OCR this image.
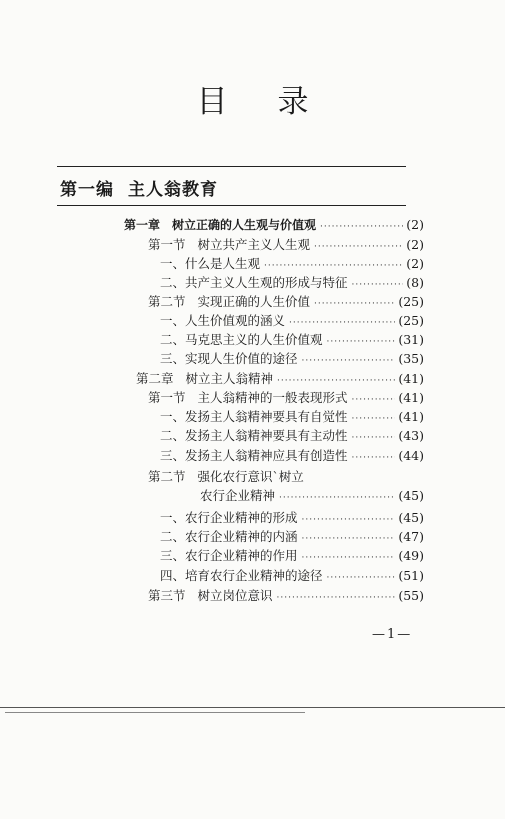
目 录
第一编 主人翁教育
第一章 树立正确的人生观与价值观 ·····	(2)
第一节 树立共产主义人生观 ·····	(2)
一、什么是人生观 ·····	(2)
二、共产主义人生观的形成与特征 ·····	(8)
第二节 实现正确的人生价值 ·····	(25)
一、人生价值观的涵义 ·····	(25)
二、马克思主义的人生价值观 ·····	(31)
三、实现人生价值的途径 ·····	(35)
第二章 树立主人翁精神 ·····	(41)
第一节 主人翁精神的一般表现形式 ·····	(41)
一、发扬主人翁精神要具有自觉性 ·····	(41)
二、发扬主人翁精神要具有主动性 ·····	(43)
三、发扬主人翁精神应具有创造性 ·····	(44)
第二节 强化农行意识`树立
农行企业精神 ·····	(45)
一、农行企业精神的形成 ·····	(45)
二、农行企业精神的内涵 ·····	(47)
三、农行企业精神的作用 ·····	(49)
四、培育农行企业精神的途径 ·····	(51)
第三节 树立岗位意识 ·····	(55)
—1—
